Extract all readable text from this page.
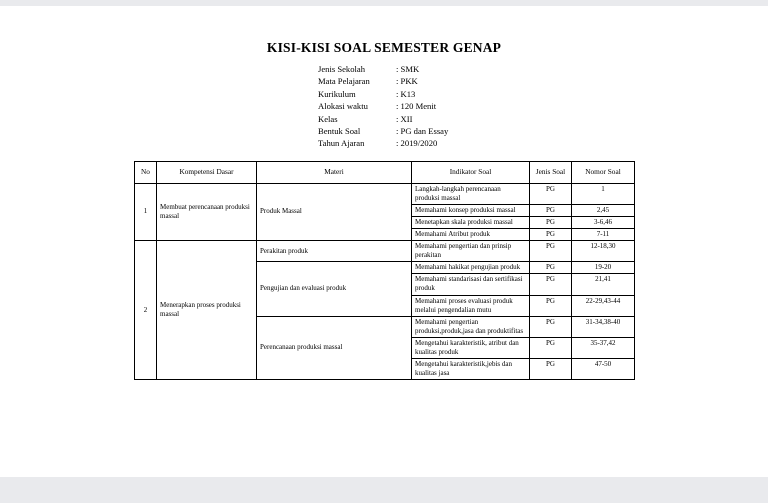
KISI-KISI SOAL SEMESTER GENAP
Jenis Sekolah	: SMK
Mata Pelajaran	: PKK
Kurikulum	: K13
Alokasi waktu	: 120 Menit
Kelas	: XII
Bentuk Soal	: PG dan Essay
Tahun Ajaran	: 2019/2020
No	Kompetensi Dasar	Materi	Indikator Soal	Jenis Soal	Nomor Soal
1	Membuat perencanaan produksi massal	Produk Massal	Langkah-langkah perencanaan produksi massal	PG	1
			Memahami konsep produksi massal	PG	2,45
			Menetapkan skala produksi massal	PG	3-6,46
			Memahami Atribut produk	PG	7-11
2	Menerapkan proses produksi massal	Perakitan produk	Memahami pengertian dan prinsip perakitan	PG	12-18,30
		Pengujian dan evaluasi produk	Memahami hakikat pengujian produk	PG	19-20
			Memahami standarisasi dan sertifikasi produk	PG	21,41
			Memahami proses evaluasi produk melalui pengendalian mutu	PG	22-29,43-44
		Perencanaan produksi massal	Memahami pengertian produksi,produk,jasa dan produktifitas	PG	31-34,38-40
			Mengetahui karakteristik, atribut dan kualitas produk	PG	35-37,42
			Mengetahui karakteristik,jebis dan kualitas jasa	PG	47-50
